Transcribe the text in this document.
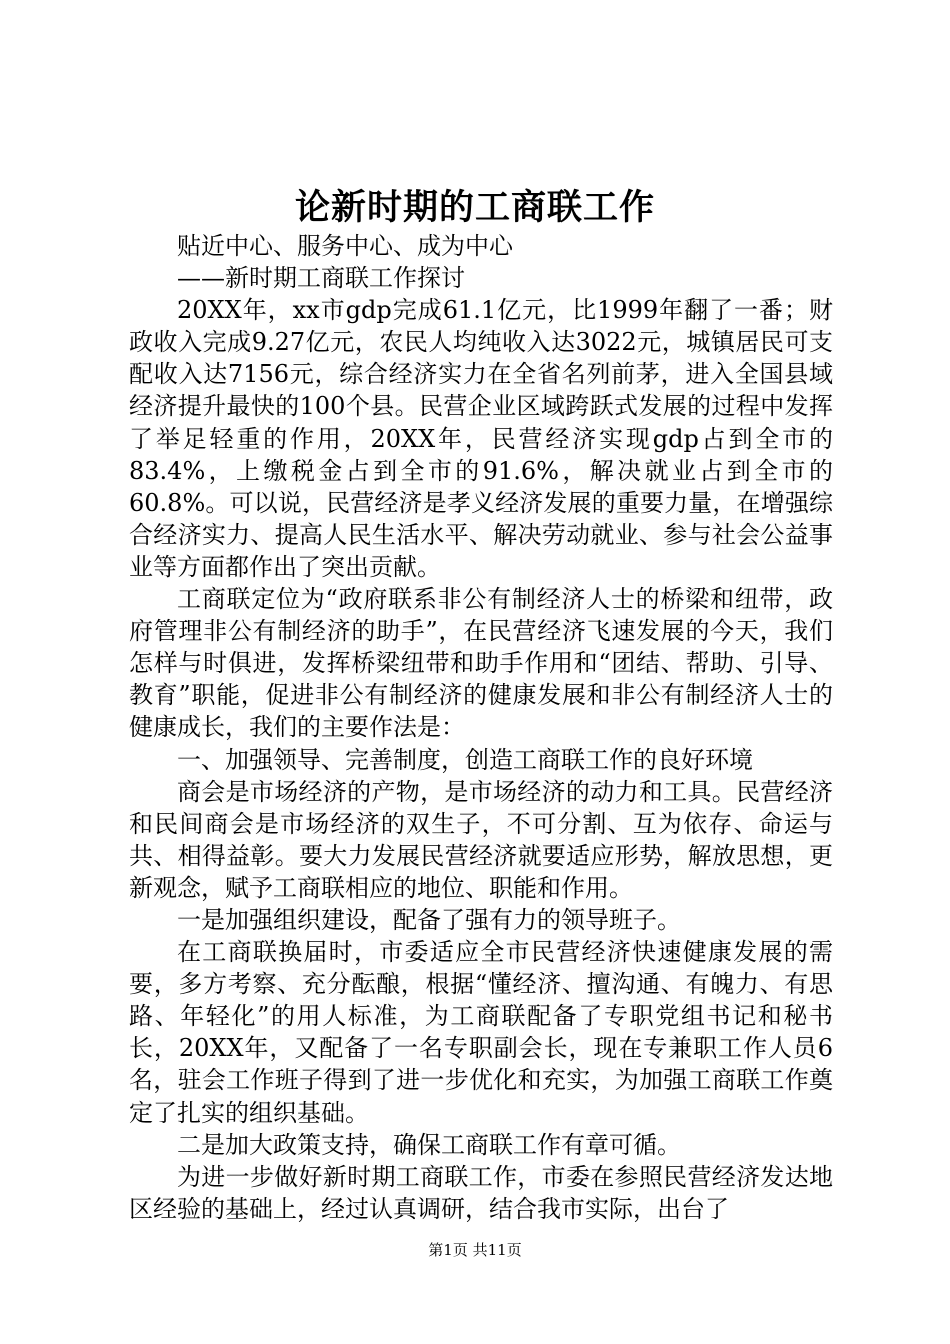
论新时期的工商联工作

贴近中心、服务中心、成为中心

——新时期工商联工作探讨

20XX年，xx市gdp完成61.1亿元，比1999年翻了一番；财政收入完成9.27亿元，农民人均纯收入达3022元，城镇居民可支配收入达7156元，综合经济实力在全省名列前茅，进入全国县域经济提升最快的100个县。民营企业区域跨跃式发展的过程中发挥了举足轻重的作用，20XX年，民营经济实现gdp占到全市的83.4%，上缴税金占到全市的91.6%，解决就业占到全市的60.8%。可以说，民营经济是孝义经济发展的重要力量，在增强综合经济实力、提高人民生活水平、解决劳动就业、参与社会公益事业等方面都作出了突出贡献。

工商联定位为“政府联系非公有制经济人士的桥梁和纽带，政府管理非公有制经济的助手”，在民营经济飞速发展的今天，我们怎样与时俱进，发挥桥梁纽带和助手作用和“团结、帮助、引导、教育”职能，促进非公有制经济的健康发展和非公有制经济人士的健康成长，我们的主要作法是：

一、加强领导、完善制度，创造工商联工作的良好环境

商会是市场经济的产物，是市场经济的动力和工具。民营经济和民间商会是市场经济的双生子，不可分割、互为依存、命运与共、相得益彰。要大力发展民营经济就要适应形势，解放思想，更新观念，赋予工商联相应的地位、职能和作用。

一是加强组织建设，配备了强有力的领导班子。

在工商联换届时，市委适应全市民营经济快速健康发展的需要，多方考察、充分酝酿，根据“懂经济、擅沟通、有魄力、有思路、年轻化”的用人标准，为工商联配备了专职党组书记和秘书长，20XX年，又配备了一名专职副会长，现在专兼职工作人员6名，驻会工作班子得到了进一步优化和充实，为加强工商联工作奠定了扎实的组织基础。

二是加大政策支持，确保工商联工作有章可循。

为进一步做好新时期工商联工作，市委在参照民营经济发达地区经验的基础上，经过认真调研，结合我市实际，出台了

第1页 共11页
